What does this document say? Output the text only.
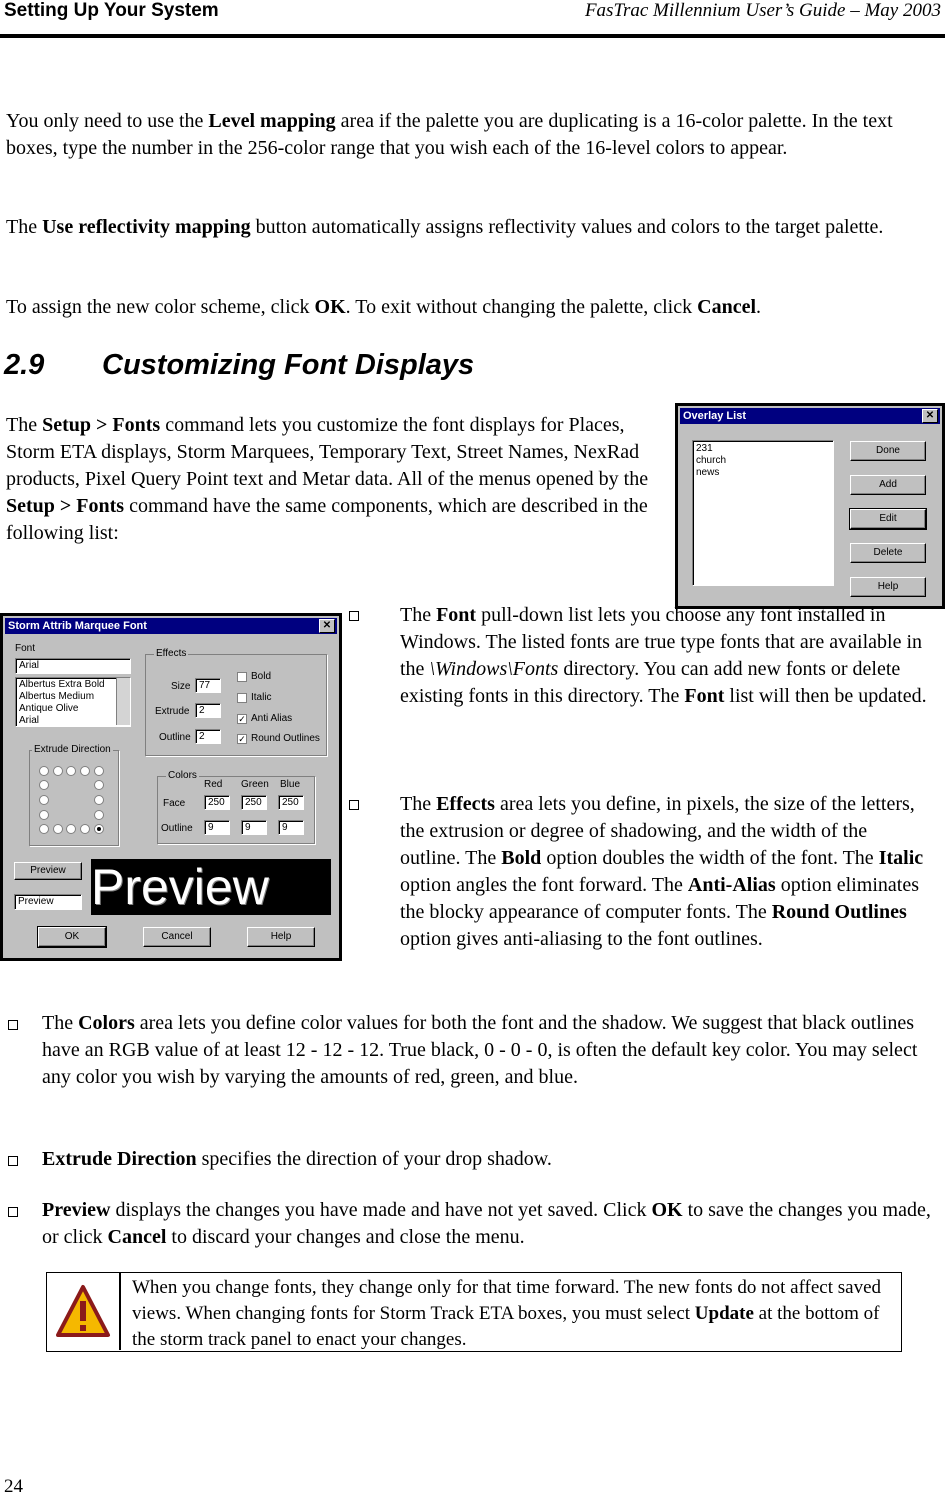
Setting Up Your System	FasTrac Millennium User’s Guide – May 2003
You only need to use the Level mapping area if the palette you are duplicating is a 16-color palette. In the text boxes, type the number in the 256-color range that you wish each of the 16-level colors to appear.
The Use reflectivity mapping button automatically assigns reflectivity values and colors to the target palette.
To assign the new color scheme, click OK. To exit without changing the palette, click Cancel.
2.9 Customizing Font Displays
The Setup > Fonts command lets you customize the font displays for Places, Storm ETA displays, Storm Marquees, Temporary Text, Street Names, NexRad products, Pixel Query Point text and Metar data. All of the menus opened by the Setup > Fonts command have the same components, which are described in the following list:
Overlay List	✕
231
church
news
Done
Add
Edit
Delete
Help
Storm Attrib Marquee Font	✕
Font
Arial
Albertus Extra Bold
Albertus Medium
Antique Olive
Arial
Effects
Size 77
Extrude 2
Outline 2
Bold
Italic
✓ Anti Alias
✓ Round Outlines
Extrude Direction
Colors
Red Green Blue
Face	250	250	250
Outline	9	9	9
Preview
Preview Preview
OK	Cancel	Help
The Font pull-down list lets you choose any font installed in Windows. The listed fonts are true type fonts that are available in the \Windows\Fonts directory. You can add new fonts or delete existing fonts in this directory. The Font list will then be updated.
The Effects area lets you define, in pixels, the size of the letters, the extrusion or degree of shadowing, and the width of the outline. The Bold option doubles the width of the font. The Italic option angles the font forward. The Anti-Alias option eliminates the blocky appearance of computer fonts. The Round Outlines option gives anti-aliasing to the font outlines.
The Colors area lets you define color values for both the font and the shadow. We suggest that black outlines have an RGB value of at least 12 - 12 - 12. True black, 0 - 0 - 0, is often the default key color. You may select any color you wish by varying the amounts of red, green, and blue.
Extrude Direction specifies the direction of your drop shadow.
Preview displays the changes you have made and have not yet saved. Click OK to save the changes you made, or click Cancel to discard your changes and close the menu.
When you change fonts, they change only for that time forward. The new fonts do not affect saved views. When changing fonts for Storm Track ETA boxes, you must select Update at the bottom of the storm track panel to enact your changes.
24
